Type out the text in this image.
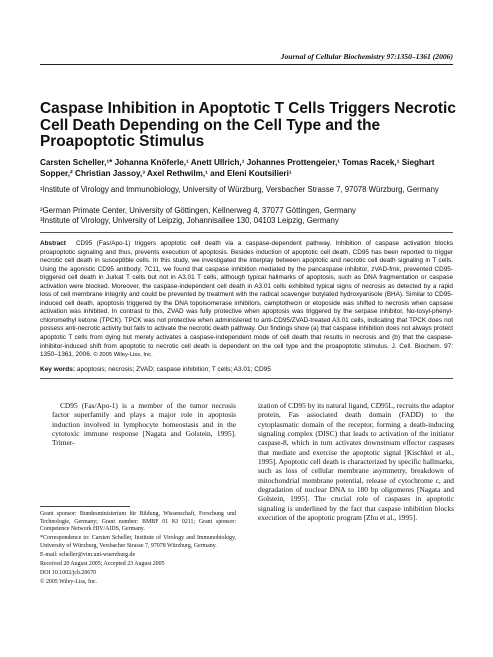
Journal of Cellular Biochemistry 97:1350–1361 (2006)
Caspase Inhibition in Apoptotic T Cells Triggers Necrotic Cell Death Depending on the Cell Type and the Proapoptotic Stimulus
Carsten Scheller,¹* Johanna Knöferle,¹ Anett Ullrich,¹ Johannes Prottengeier,¹ Tomas Racek,¹ Sieghart Sopper,² Christian Jassoy,³ Axel Rethwilm,¹ and Eleni Koutsilieri¹
¹Institute of Virology and Immunobiology, University of Würzburg, Versbacher Strasse 7, 97078 Würzburg, Germany
²German Primate Center, University of Göttingen, Kellnerweg 4, 37077 Göttingen, Germany
³Institute of Virology, University of Leipzig, Johannisallee 130, 04103 Leipzig, Germany
Abstract CD95 (Fas/Apo-1) triggers apoptotic cell death via a caspase-dependent pathway. Inhibition of caspase activation blocks proapoptotic signaling and thus, prevents execution of apoptosis. Besides induction of apoptotic cell death, CD95 has been reported to trigger necrotic cell death in susceptible cells. In this study, we investigated the interplay between apoptotic and necrotic cell death signaling in T cells. Using the agonistic CD95 antibody, 7C11, we found that caspase inhibition mediated by the pancaspase inhibitor, zVAD-fmk, prevented CD95-triggered cell death in Jurkat T cells but not in A3.01 T cells, although typical hallmarks of apoptosis, such as DNA fragmentation or caspase activation were blocked. Moreover, the caspase-independent cell death in A3.01 cells exhibited typical signs of necrosis as detected by a rapid loss of cell membrane integrity and could be prevented by treatment with the radical scavenger butylated hydroxyanisole (BHA). Similar to CD95-induced cell death, apoptosis triggered by the DNA topoisomerase inhibitors, camptothecin or etoposide was shifted to necrosis when capsase activation was inhibited. In contrast to this, ZVAD was fully protective when apoptosis was triggered by the serpase inhibitor, Nα-tosyl-phenyl-chloromethyl ketone (TPCK). TPCK was not protective when administered to anti-CD95/ZVAD-treated A3.01 cells, indicating that TPCK does not possess anti-necrotic activity but fails to activate the necrotic death pathway. Our findings show (a) that caspase inhibition does not always protect apoptotic T cells from dying but merely activates a caspase-independent mode of cell death that results in necrosis and (b) that the caspase-inhibitor-induced shift from apoptotic to necrotic cell death is dependent on the cell type and the proapoptotic stimulus. J. Cell. Biochem. 97: 1350–1361, 2006. © 2005 Wiley-Liss, Inc.
Key words: apoptosis; necrosis; ZVAD; caspase inhibition; T cells; A3.01; CD95
CD95 (Fas/Apo-1) is a member of the tumor necrosis factor superfamily and plays a major role in apoptosis induction involved in lymphocyte homeostasis and in the cytotoxic immune response [Nagata and Golstein, 1995]. Trimer-
ization of CD95 by its natural ligand, CD95L, recruits the adaptor protein, Fas associated death domain (FADD) to the cytoplasmatic domain of the receptor, forming a death-inducing signaling complex (DISC) that leads to activation of the initiator caspase-8, which in turn activates downstream effector caspases that mediate and exercise the apoptotic signal [Kischkel et al., 1995]. Apoptotic cell death is characterized by specific hallmarks, such as loss of cellular membrane asymmetry, breakdown of mitochondrial membrane potential, release of cytochrome c, and degradation of nuclear DNA to 180 bp oligomeres [Nagata and Golstein, 1995]. The crucial role of caspases in apoptotic signaling is underlined by the fact that caspase inhibition blocks execution of the apoptotic program [Zhu et al., 1995].

Grant sponsor: Bundesministerium für Bildung, Wissenschaft, Forschung und Technologie, Germany; Grant number: BMBF 01 KI 0211; Grant sponsor: Competence Network HIV/AIDS, Germany.

*Correspondence to: Carsten Scheller, Institute of Virology and Immunobiology, University of Würzburg, Versbacher Strasse 7, 97078 Würzburg, Germany.

E-mail: scheller@vim.uni-wuerzburg.de

Received 20 August 2005; Accepted 23 August 2005

DOI 10.1002/jcb.20670

© 2005 Wiley-Liss, Inc.
